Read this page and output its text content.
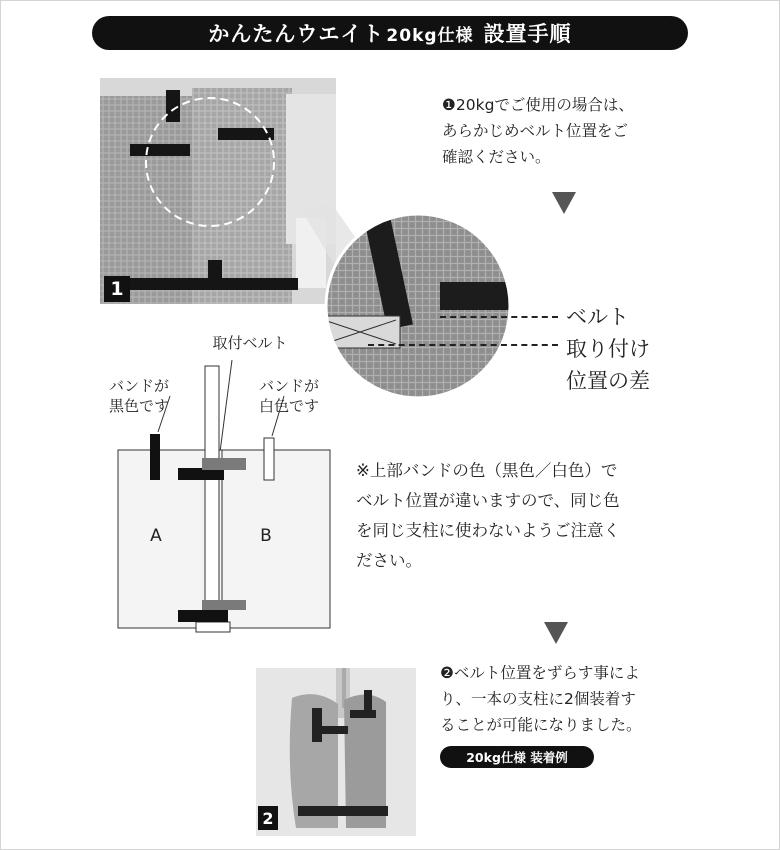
かんたんウエイト 20kg仕様 設置手順
1
❶20kgでご使用の場合は、
あらかじめベルト位置をご
確認ください。
ベルト
取り付け
位置の差
取付ベルト
バンドが
黒色です
バンドが
白色です
A	B
※上部バンドの色（黒色／白色）で
ベルト位置が違いますので、同じ色
を同じ支柱に使わないようご注意く
ださい。
2
❷ベルト位置をずらす事によ
り、一本の支柱に2個装着す
ることが可能になりました。
20kg仕様 装着例
